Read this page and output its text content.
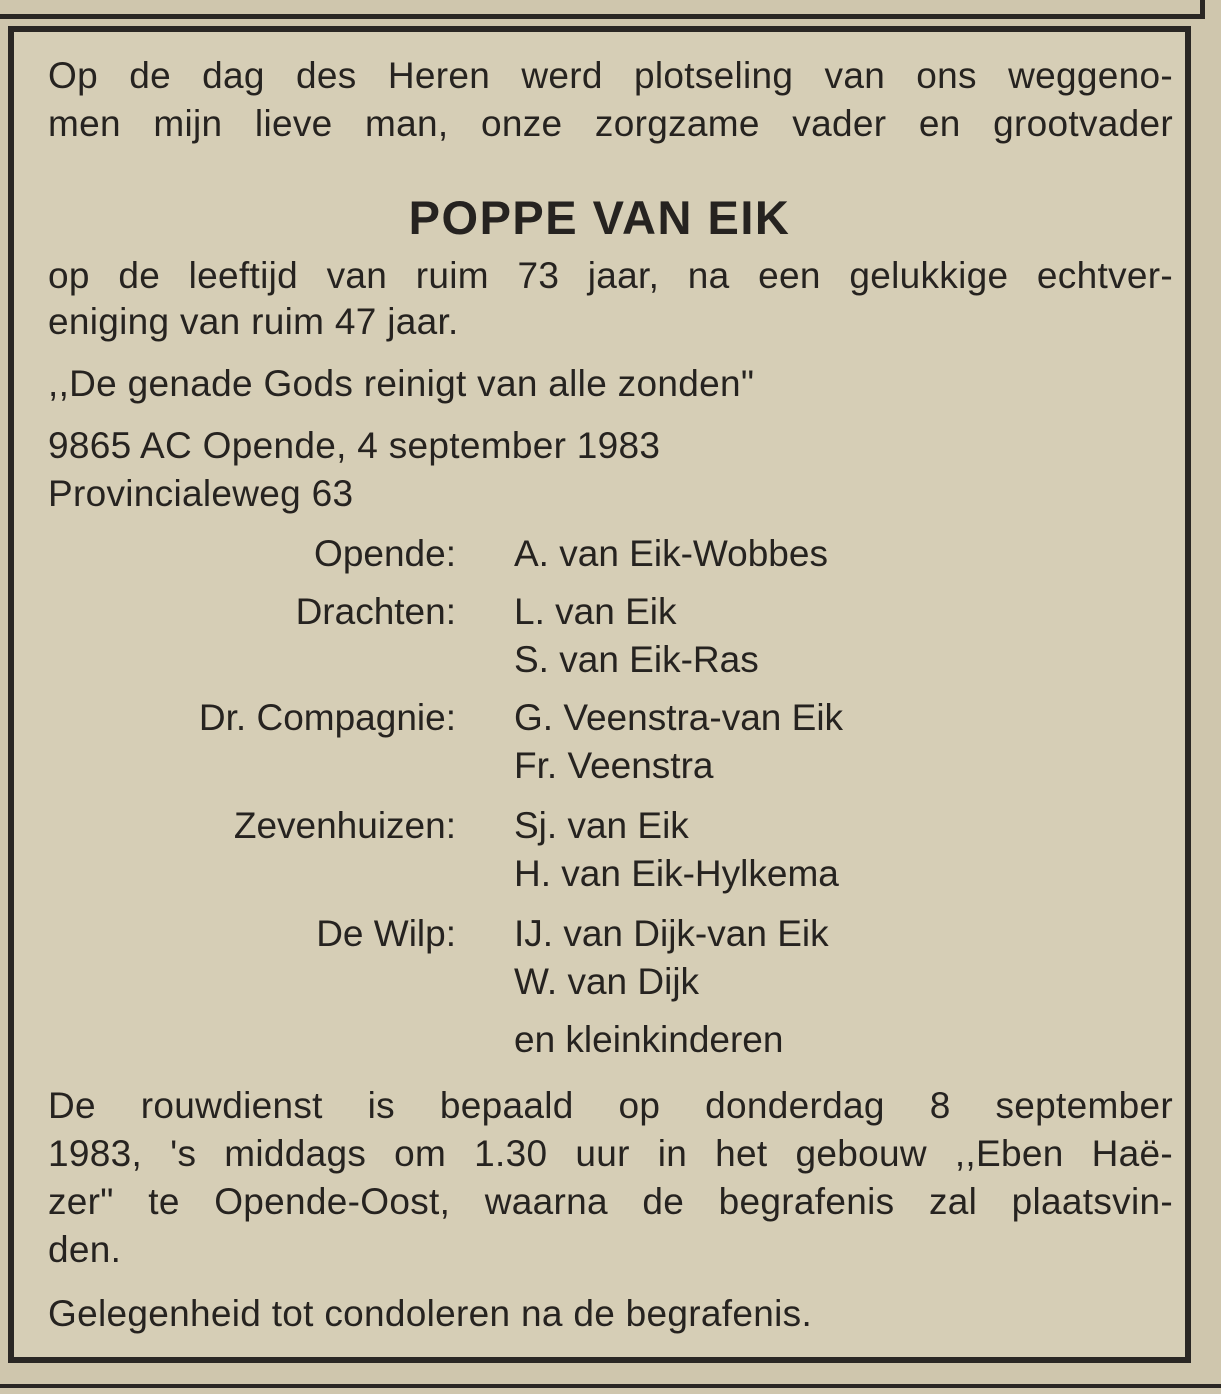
Op de dag des Heren werd plotseling van ons weggeno-
men mijn lieve man, onze zorgzame vader en grootvader
POPPE VAN EIK
op de leeftijd van ruim 73 jaar, na een gelukkige echtver-
eniging van ruim 47 jaar.
,,De genade Gods reinigt van alle zonden"
9865 AC Opende, 4 september 1983
Provincialeweg 63
Opende: A. van Eik-Wobbes
Drachten: L. van Eik
S. van Eik-Ras
Dr. Compagnie: G. Veenstra-van Eik
Fr. Veenstra
Zevenhuizen: Sj. van Eik
H. van Eik-Hylkema
De Wilp: IJ. van Dijk-van Eik
W. van Dijk
en kleinkinderen
De rouwdienst is bepaald op donderdag 8 september
1983, 's middags om 1.30 uur in het gebouw ,,Eben Haë-
zer" te Opende-Oost, waarna de begrafenis zal plaatsvin-
den.
Gelegenheid tot condoleren na de begrafenis.
